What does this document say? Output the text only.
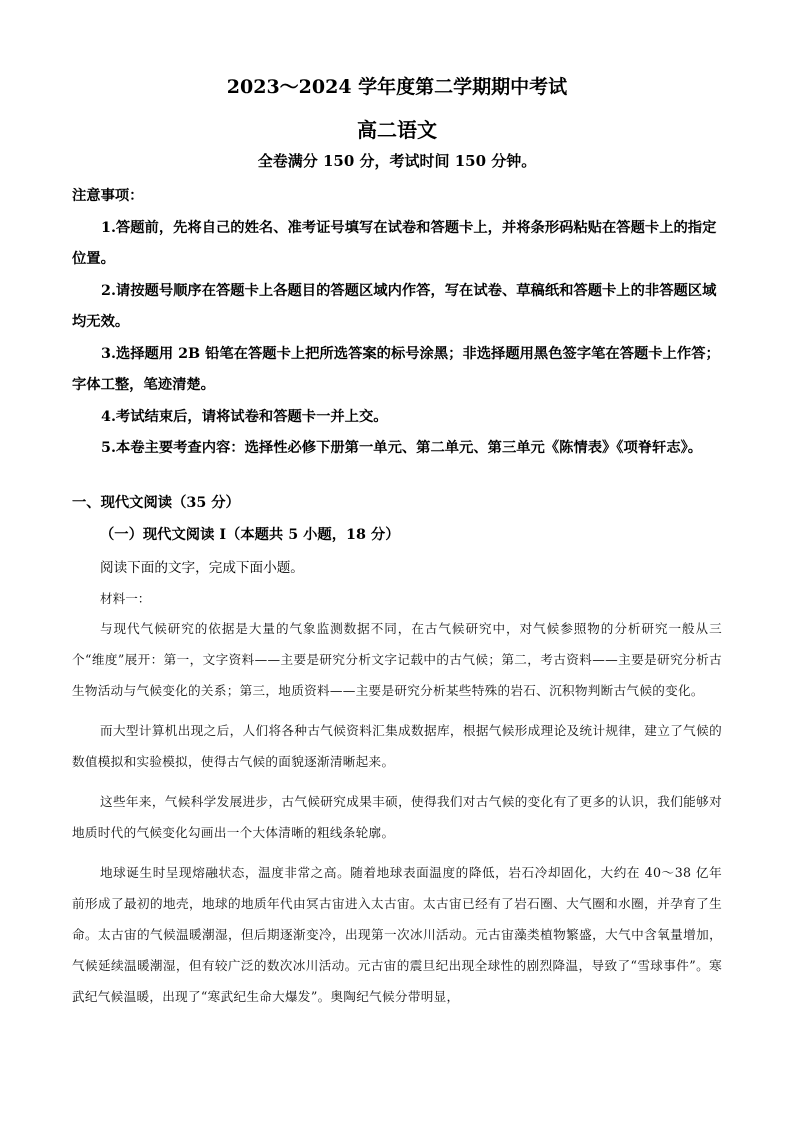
2023～2024 学年度第二学期期中考试
高二语文
全卷满分 150 分，考试时间 150 分钟。

注意事项：

1.答题前，先将自己的姓名、准考证号填写在试卷和答题卡上，并将条形码粘贴在答题卡上的指定位置。

2.请按题号顺序在答题卡上各题目的答题区域内作答，写在试卷、草稿纸和答题卡上的非答题区域均无效。

3.选择题用 2B 铅笔在答题卡上把所选答案的标号涂黑；非选择题用黑色签字笔在答题卡上作答；字体工整，笔迹清楚。

4.考试结束后，请将试卷和答题卡一并上交。

5.本卷主要考查内容：选择性必修下册第一单元、第二单元、第三单元《陈情表》《项脊轩志》。

一、现代文阅读（35 分）
（一）现代文阅读 I（本题共 5 小题，18 分）
阅读下面的文字，完成下面小题。
材料一：

与现代气候研究的依据是大量的气象监测数据不同，在古气候研究中，对气候参照物的分析研究一般从三个“维度”展开：第一，文字资料——主要是研究分析文字记载中的古气候；第二，考古资料——主要是研究分析古生物活动与气候变化的关系；第三，地质资料——主要是研究分析某些特殊的岩石、沉积物判断古气候的变化。

而大型计算机出现之后，人们将各种古气候资料汇集成数据库，根据气候形成理论及统计规律，建立了气候的数值模拟和实验模拟，使得古气候的面貌逐渐清晰起来。

这些年来，气候科学发展进步，古气候研究成果丰硕，使得我们对古气候的变化有了更多的认识，我们能够对地质时代的气候变化勾画出一个大体清晰的粗线条轮廓。

地球诞生时呈现熔融状态，温度非常之高。随着地球表面温度的降低，岩石冷却固化，大约在 40～38 亿年前形成了最初的地壳，地球的地质年代由冥古宙进入太古宙。太古宙已经有了岩石圈、大气圈和水圈，并孕育了生命。太古宙的气候温暖潮湿，但后期逐渐变冷，出现第一次冰川活动。元古宙藻类植物繁盛，大气中含氧量增加，气候延续温暖潮湿，但有较广泛的数次冰川活动。元古宙的震旦纪出现全球性的剧烈降温，导致了“雪球事件”。寒武纪气候温暖，出现了“寒武纪生命大爆发”。奥陶纪气候分带明显，
